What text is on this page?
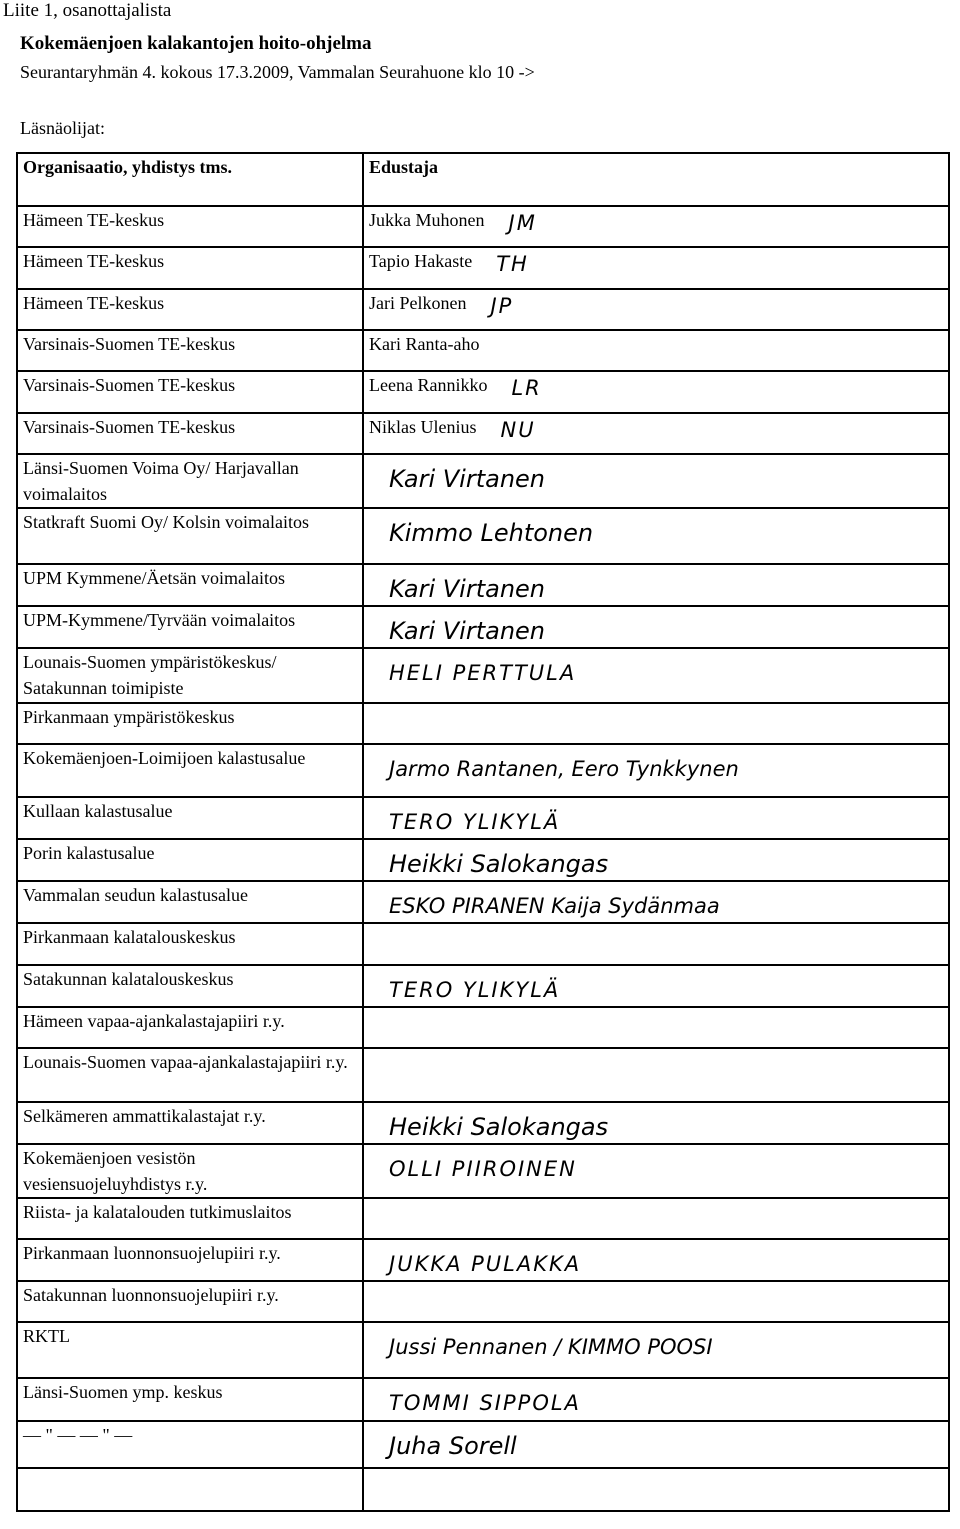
Liite 1, osanottajalista
Kokemäenjoen kalakantojen hoito-ohjelma
Seurantaryhmän 4. kokous 17.3.2009, Vammalan Seurahuone klo 10 ->
Läsnäolijat:
Organisaatio, yhdistys tms.	Edustaja

Hämeen TE-keskus	Jukka Muhonen JM

Hämeen TE-keskus	Tapio Hakaste TH

Hämeen TE-keskus	Jari Pelkonen JP

Varsinais-Suomen TE-keskus	Kari Ranta-aho

Varsinais-Suomen TE-keskus	Leena Rannikko LR

Varsinais-Suomen TE-keskus	Niklas Ulenius NU

Länsi-Suomen Voima Oy/ Harjavallan voimalaitos	Kari Virtanen

Statkraft Suomi Oy/ Kolsin voimalaitos	Kimmo Lehtonen

UPM Kymmene/Äetsän voimalaitos	Kari Virtanen

UPM-Kymmene/Tyrvään voimalaitos	Kari Virtanen

Lounais-Suomen ympäristökeskus/ Satakunnan toimipiste	HELI PERTTULA

Pirkanmaan ympäristökeskus	

Kokemäenjoen-Loimijoen kalastusalue	Jarmo Rantanen, Eero Tynkkynen

Kullaan kalastusalue	TERO YLIKYLÄ

Porin kalastusalue	Heikki Salokangas

Vammalan seudun kalastusalue	ESKO PIRANEN Kaija Sydänmaa

Pirkanmaan kalatalouskeskus	

Satakunnan kalatalouskeskus	TERO YLIKYLÄ

Hämeen vapaa-ajankalastajapiiri r.y.	

Lounais-Suomen vapaa-ajankalastajapiiri r.y.	

Selkämeren ammattikalastajat r.y.	Heikki Salokangas

Kokemäenjoen vesistön vesiensuojeluyhdistys r.y.	OLLI PIIROINEN

Riista- ja kalatalouden tutkimuslaitos	

Pirkanmaan luonnonsuojelupiiri r.y.	JUKKA PULAKKA

Satakunnan luonnonsuojelupiiri r.y.	

RKTL	Jussi Pennanen / KIMMO POOSI

Länsi-Suomen ymp. keskus	TOMMI SIPPOLA

— " — — " —	Juha Sorell
